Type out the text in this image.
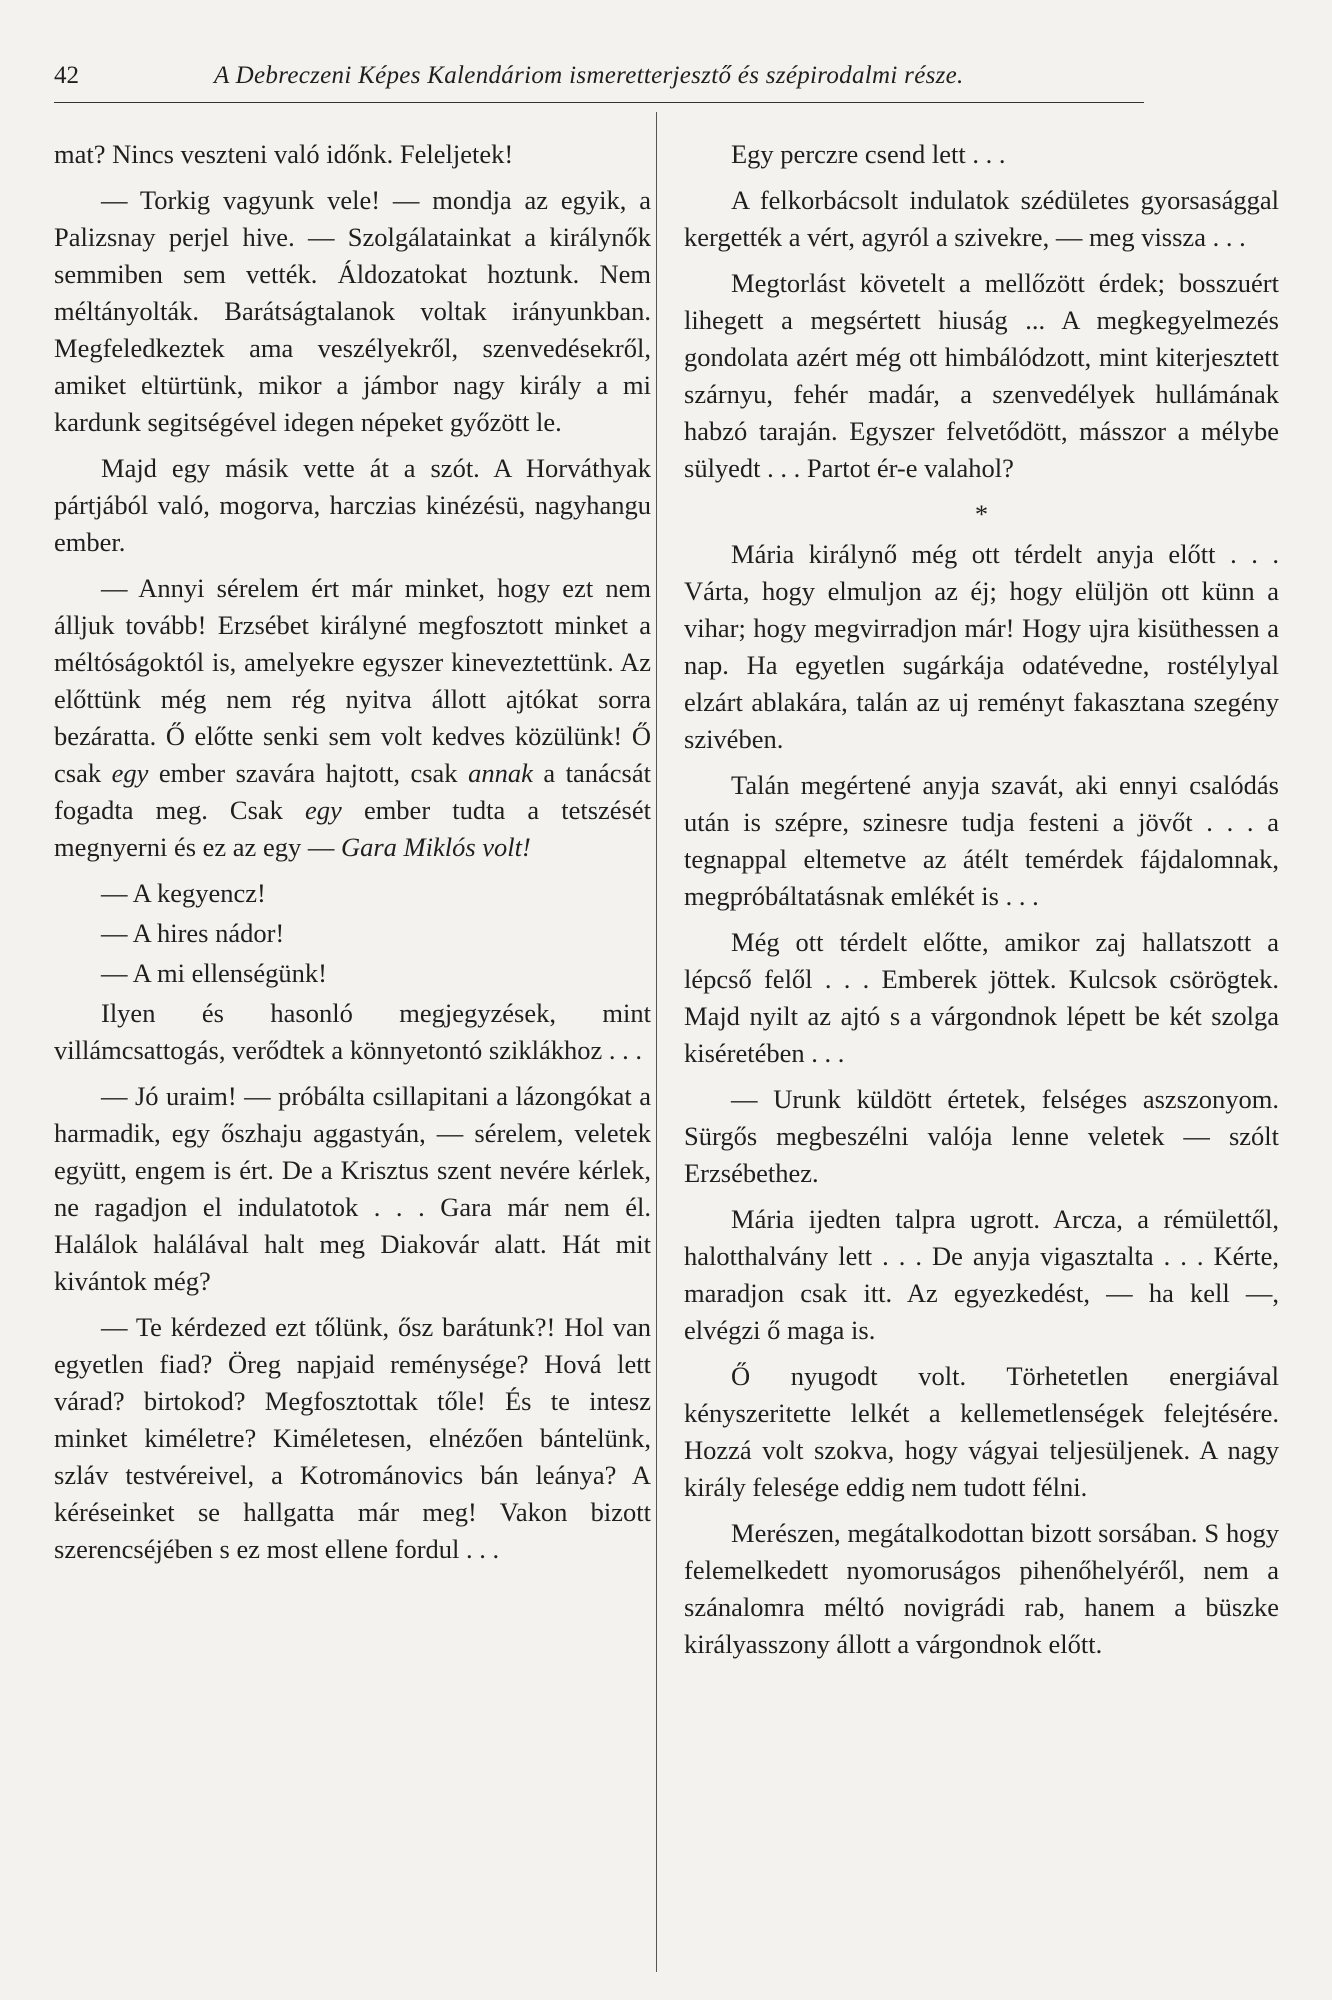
42	A Debreczeni Képes Kalendáriom ismeretterjesztő és szépirodalmi része.

mat? Nincs veszteni való időnk. Feleljetek!

— Torkig vagyunk vele! — mondja az egyik, a Palizsnay perjel hive. — Szolgálatainkat a királynők semmiben sem vették. Áldozatokat hoztunk. Nem méltányolták. Barátságtalanok voltak irányunkban. Megfeledkeztek ama veszélyekről, szenvedésekről, amiket eltürtünk, mikor a jámbor nagy király a mi kardunk segitségével idegen népeket győzött le.

Majd egy másik vette át a szót. A Horváthyak pártjából való, mogorva, harczias kinézésü, nagyhangu ember.

— Annyi sérelem ért már minket, hogy ezt nem álljuk tovább! Erzsébet királyné megfosztott minket a méltóságoktól is, amelyekre egyszer kineveztettünk. Az előttünk még nem rég nyitva állott ajtókat sorra bezáratta. Ő előtte senki sem volt kedves közülünk! Ő csak egy ember szavára hajtott, csak annak a tanácsát fogadta meg. Csak egy ember tudta a tetszését megnyerni és ez az egy — Gara Miklós volt!

— A kegyencz!

— A hires nádor!

— A mi ellenségünk!

Ilyen és hasonló megjegyzések, mint villámcsattogás, verődtek a könnyetontó sziklákhoz . . .

— Jó uraim! — próbálta csillapitani a lázongókat a harmadik, egy őszhaju aggastyán, — sérelem, veletek együtt, engem is ért. De a Krisztus szent nevére kérlek, ne ragadjon el indulatotok . . . Gara már nem él. Halálok halálával halt meg Diakovár alatt. Hát mit kivántok még?

— Te kérdezed ezt tőlünk, ősz barátunk?! Hol van egyetlen fiad? Öreg napjaid reménysége? Hová lett várad? birtokod? Megfosztottak tőle! És te intesz minket kiméletre? Kiméletesen, elnézően bántelünk, szláv testvéreivel, a Kotrománovics bán leánya? A kéréseinket se hallgatta már meg! Vakon bizott szerencséjében s ez most ellene fordul . . .

Egy perczre csend lett . . .

A felkorbácsolt indulatok szédületes gyorsasággal kergették a vért, agyról a szivekre, — meg vissza . . .

Megtorlást követelt a mellőzött érdek; bosszuért lihegett a megsértett hiuság ... A megkegyelmezés gondolata azért még ott himbálódzott, mint kiterjesztett szárnyu, fehér madár, a szenvedélyek hullámának habzó taraján. Egyszer felvetődött, másszor a mélybe sülyedt . . . Partot ér-e valahol?

*

Mária királynő még ott térdelt anyja előtt . . . Várta, hogy elmuljon az éj; hogy elüljön ott künn a vihar; hogy megvirradjon már! Hogy ujra kisüthessen a nap. Ha egyetlen sugárkája odatévedne, rostélylyal elzárt ablakára, talán az uj reményt fakasztana szegény szivében.

Talán megértené anyja szavát, aki ennyi csalódás után is szépre, szinesre tudja festeni a jövőt . . . a tegnappal eltemetve az átélt temérdek fájdalomnak, megpróbáltatásnak emlékét is . . .

Még ott térdelt előtte, amikor zaj hallatszott a lépcső felől . . . Emberek jöttek. Kulcsok csörögtek. Majd nyilt az ajtó s a várgondnok lépett be két szolga kiséretében . . .

— Urunk küldött értetek, felséges aszszonyom. Sürgős megbeszélni valója lenne veletek — szólt Erzsébethez.

Mária ijedten talpra ugrott. Arcza, a rémülettől, halotthalvány lett . . . De anyja vigasztalta . . . Kérte, maradjon csak itt. Az egyezkedést, — ha kell —, elvégzi ő maga is.

Ő nyugodt volt. Törhetetlen energiával kényszeritette lelkét a kellemetlenségek felejtésére. Hozzá volt szokva, hogy vágyai teljesüljenek. A nagy király felesége eddig nem tudott félni.

Merészen, megátalkodottan bizott sorsában. S hogy felemelkedett nyomoruságos pihenőhelyéről, nem a szánalomra méltó novigrádi rab, hanem a büszke királyasszony állott a várgondnok előtt.
